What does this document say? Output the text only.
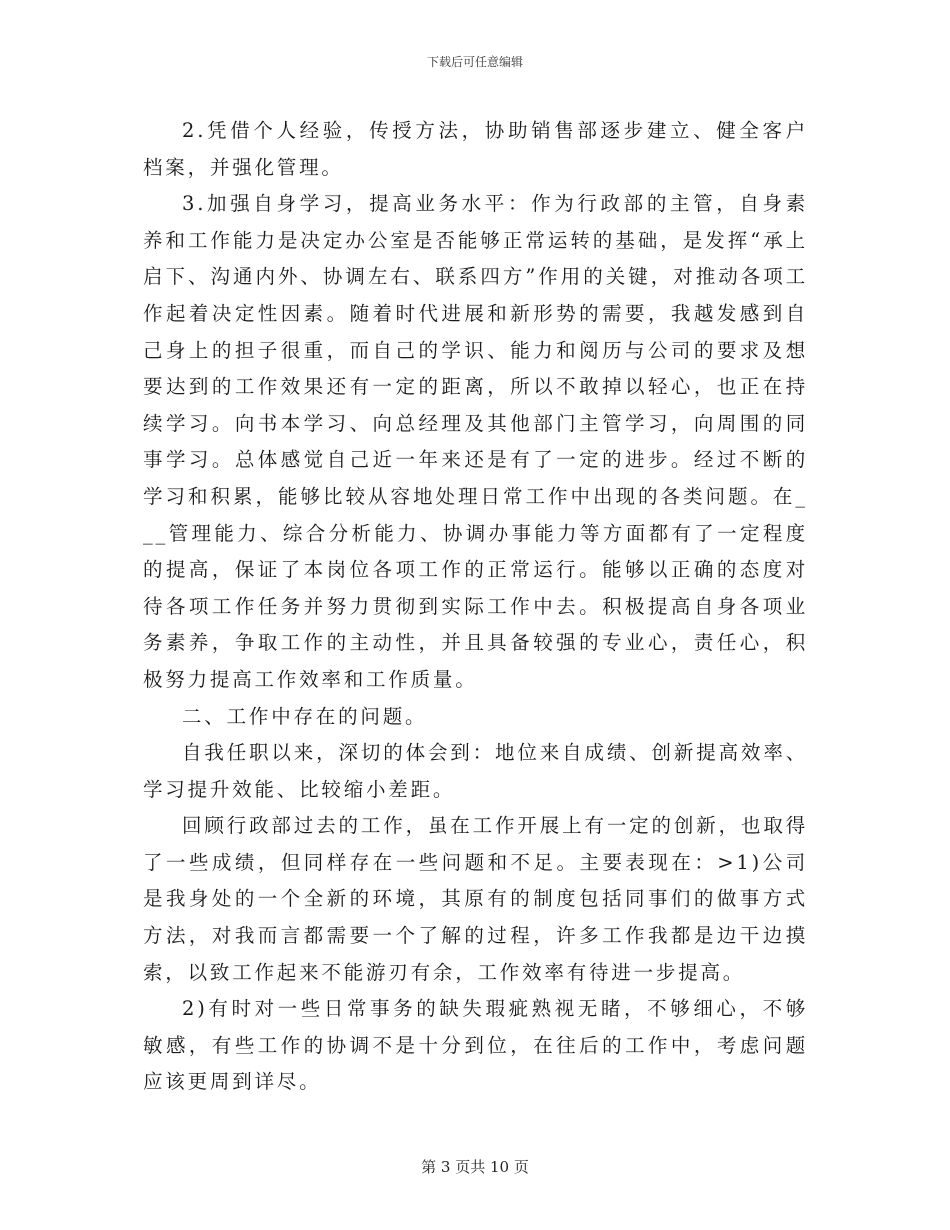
下载后可任意编辑

2.凭借个人经验，传授方法，协助销售部逐步建立、健全客户档案，并强化管理。

3.加强自身学习，提高业务水平：作为行政部的主管，自身素养和工作能力是决定办公室是否能够正常运转的基础，是发挥“承上启下、沟通内外、协调左右、联系四方”作用的关键，对推动各项工作起着决定性因素。随着时代进展和新形势的需要，我越发感到自己身上的担子很重，而自己的学识、能力和阅历与公司的要求及想要达到的工作效果还有一定的距离，所以不敢掉以轻心，也正在持续学习。向书本学习、向总经理及其他部门主管学习，向周围的同事学习。总体感觉自己近一年来还是有了一定的进步。经过不断的学习和积累，能够比较从容地处理日常工作中出现的各类问题。在___管理能力、综合分析能力、协调办事能力等方面都有了一定程度的提高，保证了本岗位各项工作的正常运行。能够以正确的态度对待各项工作任务并努力贯彻到实际工作中去。积极提高自身各项业务素养，争取工作的主动性，并且具备较强的专业心，责任心，积极努力提高工作效率和工作质量。

二、工作中存在的问题。

自我任职以来，深切的体会到：地位来自成绩、创新提高效率、学习提升效能、比较缩小差距。

回顾行政部过去的工作，虽在工作开展上有一定的创新，也取得了一些成绩，但同样存在一些问题和不足。主要表现在：>1)公司是我身处的一个全新的环境，其原有的制度包括同事们的做事方式方法，对我而言都需要一个了解的过程，许多工作我都是边干边摸索，以致工作起来不能游刃有余，工作效率有待进一步提高。

2)有时对一些日常事务的缺失瑕疵熟视无睹，不够细心，不够敏感，有些工作的协调不是十分到位，在往后的工作中，考虑问题应该更周到详尽。

第 3 页共 10 页
